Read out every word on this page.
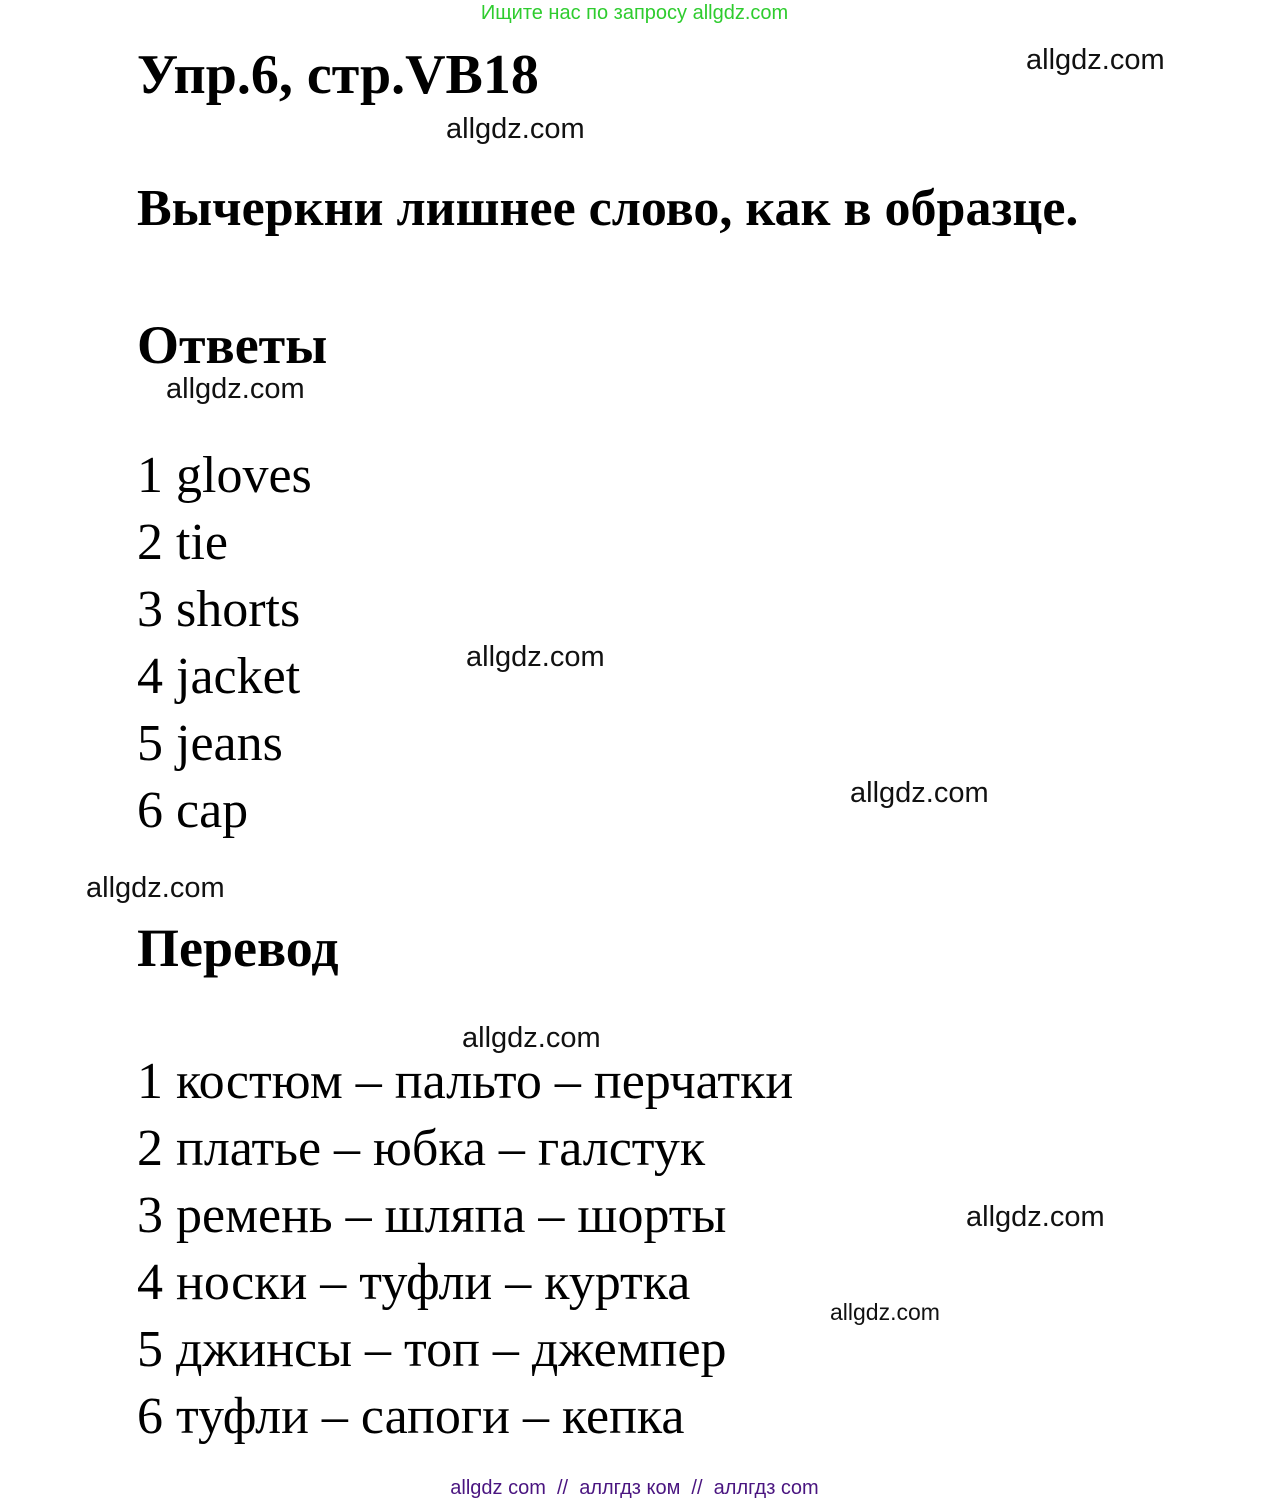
Ищите нас по запросу allgdz.com
Упр.6, стр.VB18
Вычеркни лишнее слово, как в образце.
Ответы
1 gloves
2 tie
3 shorts
4 jacket
5 jeans
6 cap
Перевод
1 костюм – пальто – перчатки
2 платье – юбка – галстук
3 ремень – шляпа – шорты
4 носки – туфли – куртка
5 джинсы – топ – джемпер
6 туфли – сапоги – кепка
allgdz.com
allgdz.com
allgdz.com
allgdz.com
allgdz.com
allgdz.com
allgdz.com
allgdz.com
allgdz.com
allgdz com  //  аллгдз ком  //  аллгдз com
